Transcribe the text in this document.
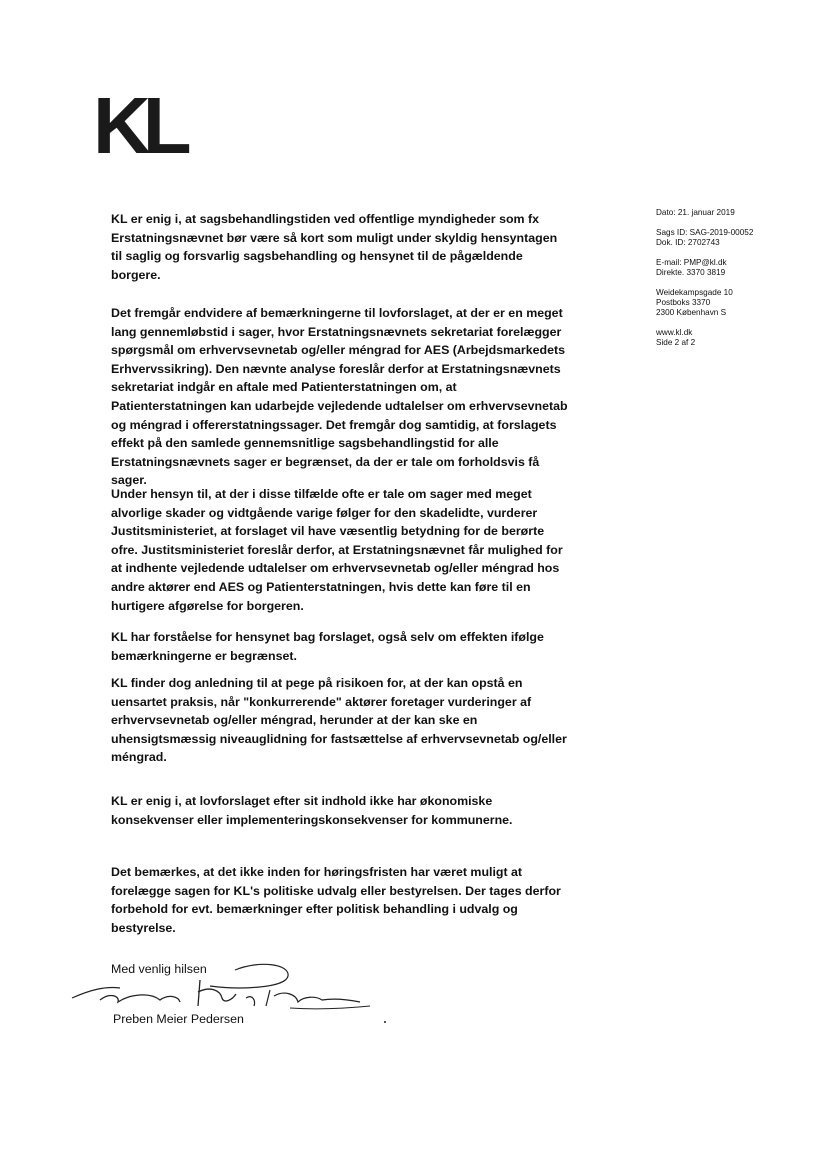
KL
Dato: 21. januar 2019
Sags ID: SAG-2019-00052
Dok. ID: 2702743
E-mail: PMP@kl.dk
Direkte. 3370 3819
Weidekampsgade 10
Postboks 3370
2300 København S
www.kl.dk
Side 2 af 2

KL er enig i, at sagsbehandlingstiden ved offentlige myndigheder som fx Erstatningsnævnet bør være så kort som muligt under skyldig hensyntagen til saglig og forsvarlig sagsbehandling og hensynet til de pågældende borgere.

Det fremgår endvidere af bemærkningerne til lovforslaget, at der er en meget lang gennemløbstid i sager, hvor Erstatningsnævnets sekretariat forelægger spørgsmål om erhvervsevnetab og/eller méngrad for AES (Arbejdsmarkedets Erhvervssikring). Den nævnte analyse foreslår derfor at Erstatningsnævnets sekretariat indgår en aftale med Patienterstatningen om, at Patienterstatningen kan udarbejde vejledende udtalelser om erhvervsevnetab og méngrad i offererstatningssager. Det fremgår dog samtidig, at forslagets effekt på den samlede gennemsnitlige sagsbehandlingstid for alle Erstatningsnævnets sager er begrænset, da der er tale om forholdsvis få sager.

Under hensyn til, at der i disse tilfælde ofte er tale om sager med meget alvorlige skader og vidtgående varige følger for den skadelidte, vurderer Justitsministeriet, at forslaget vil have væsentlig betydning for de berørte ofre. Justitsministeriet foreslår derfor, at Erstatningsnævnet får mulighed for at indhente vejledende udtalelser om erhvervsevnetab og/eller méngrad hos andre aktører end AES og Patienterstatningen, hvis dette kan føre til en hurtigere afgørelse for borgeren.

KL har forståelse for hensynet bag forslaget, også selv om effekten ifølge bemærkningerne er begrænset.

KL finder dog anledning til at pege på risikoen for, at der kan opstå en uensartet praksis, når "konkurrerende" aktører foretager vurderinger af erhvervsevnetab og/eller méngrad, herunder at der kan ske en uhensigtsmæssig niveauglidning for fastsættelse af erhvervsevnetab og/eller méngrad.

KL er enig i, at lovforslaget efter sit indhold ikke har økonomiske konsekvenser eller implementeringskonsekvenser for kommunerne.

Det bemærkes, at det ikke inden for høringsfristen har været muligt at forelægge sagen for KL's politiske udvalg eller bestyrelsen. Der tages derfor forbehold for evt. bemærkninger efter politisk behandling i udvalg og bestyrelse.

Med venlig hilsen
Preben Meier Pedersen
